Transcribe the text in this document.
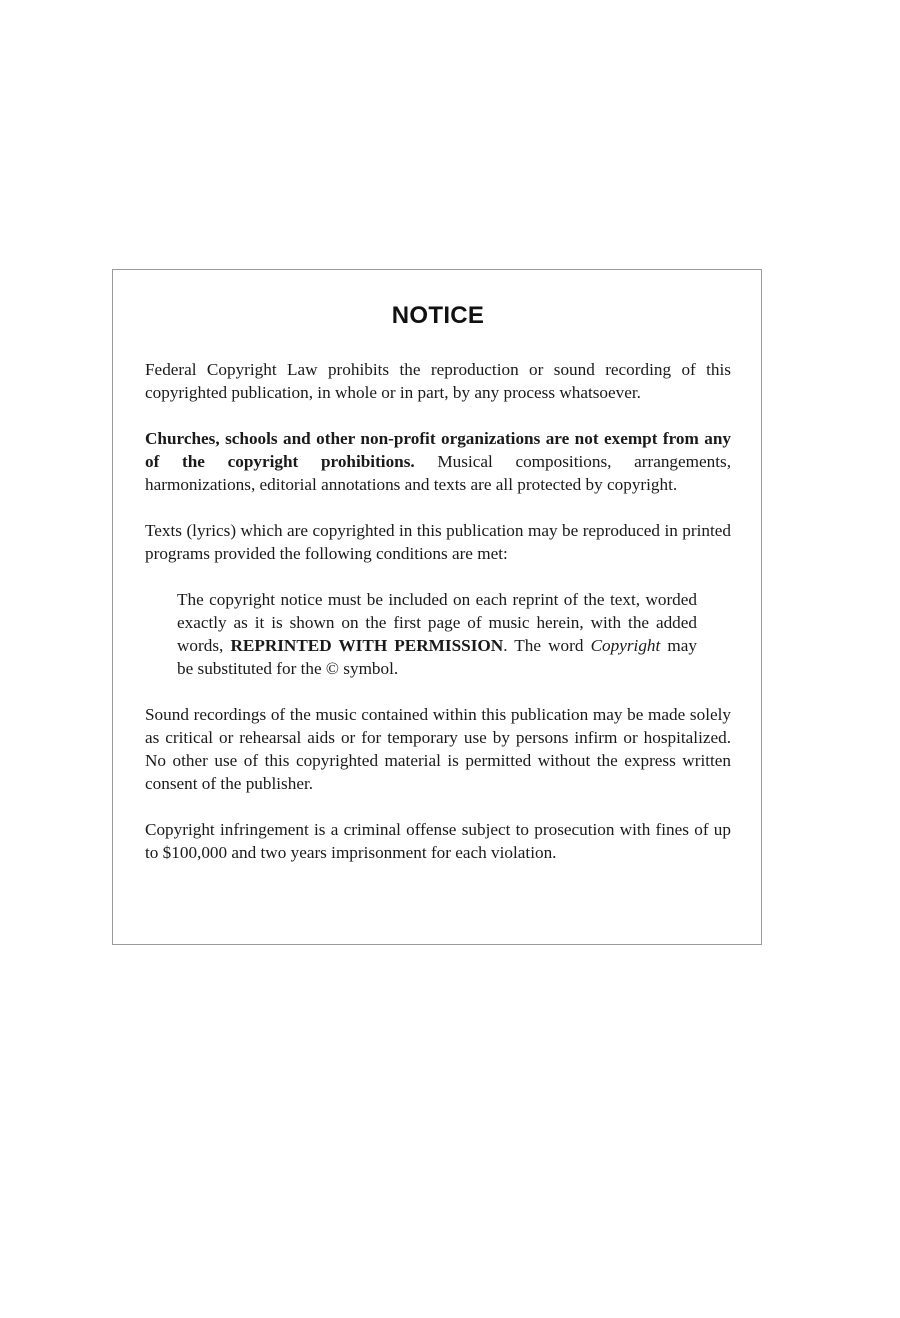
NOTICE

Federal Copyright Law prohibits the reproduction or sound recording of this copyrighted publication, in whole or in part, by any process whatsoever.

Churches, schools and other non-profit organizations are not exempt from any of the copyright prohibitions. Musical compositions, arrangements, harmonizations, editorial annotations and texts are all protected by copyright.

Texts (lyrics) which are copyrighted in this publication may be reproduced in printed programs provided the following conditions are met:

The copyright notice must be included on each reprint of the text, worded exactly as it is shown on the first page of music herein, with the added words, REPRINTED WITH PERMISSION. The word Copyright may be substituted for the © symbol.

Sound recordings of the music contained within this publication may be made solely as critical or rehearsal aids or for temporary use by persons infirm or hospitalized. No other use of this copyrighted material is permitted without the express written consent of the publisher.

Copyright infringement is a criminal offense subject to prosecution with fines of up to $100,000 and two years imprisonment for each violation.
